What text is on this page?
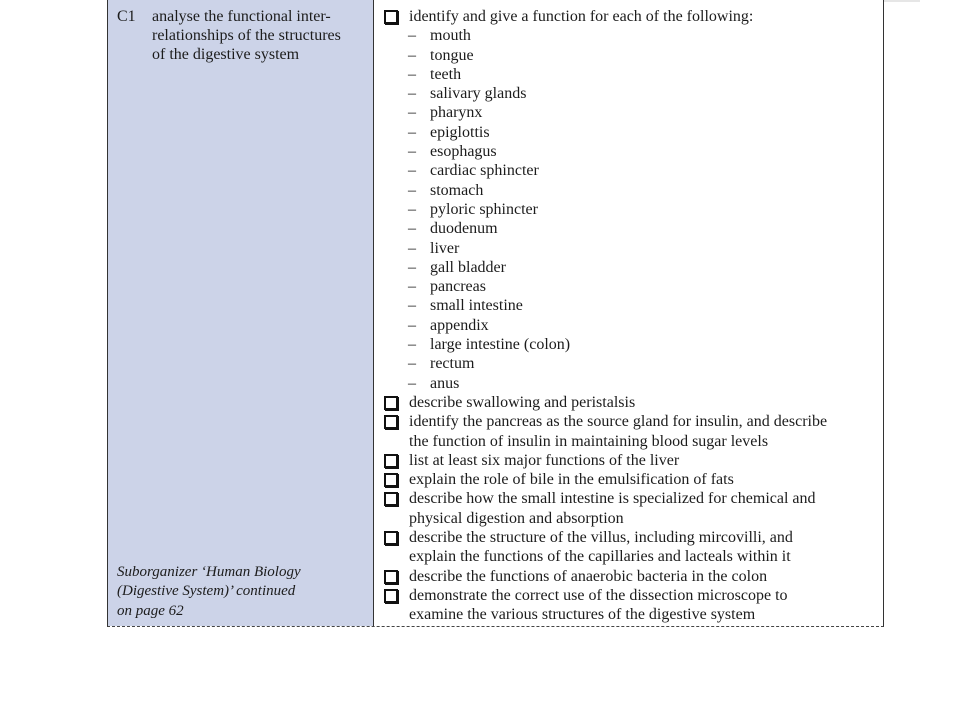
C1 analyse the functional inter-
relationships of the structures
of the digestive system
Suborganizer ‘Human Biology
(Digestive System)’ continued
on page 62
identify and give a function for each of the following:
– mouth
– tongue
– teeth
– salivary glands
– pharynx
– epiglottis
– esophagus
– cardiac sphincter
– stomach
– pyloric sphincter
– duodenum
– liver
– gall bladder
– pancreas
– small intestine
– appendix
– large intestine (colon)
– rectum
– anus
describe swallowing and peristalsis
identify the pancreas as the source gland for insulin, and describe
the function of insulin in maintaining blood sugar levels
list at least six major functions of the liver
explain the role of bile in the emulsification of fats
describe how the small intestine is specialized for chemical and
physical digestion and absorption
describe the structure of the villus, including mircovilli, and
explain the functions of the capillaries and lacteals within it
describe the functions of anaerobic bacteria in the colon
demonstrate the correct use of the dissection microscope to
examine the various structures of the digestive system
